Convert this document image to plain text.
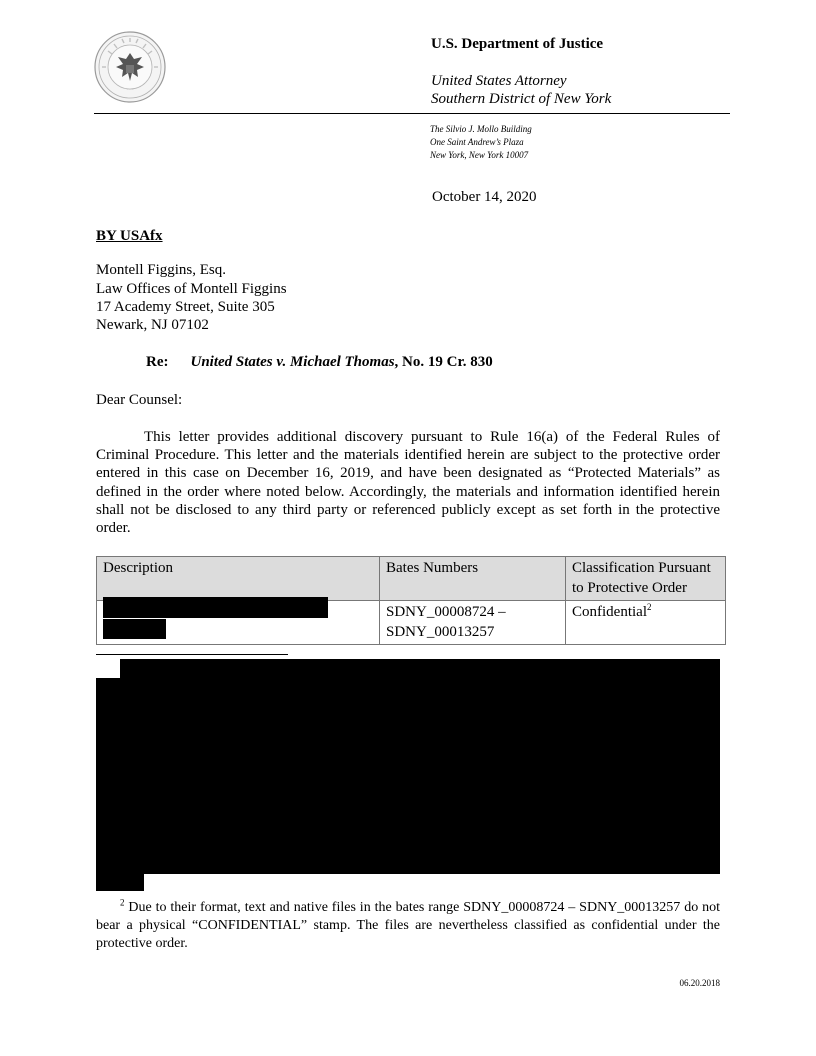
· · ·
U.S. Department of Justice
United States Attorney
Southern District of New York
The Silvio J. Mollo Building
One Saint Andrew’s Plaza
New York, New York 10007
October 14, 2020
BY USAfx
Montell Figgins, Esq.
Law Offices of Montell Figgins
17 Academy Street, Suite 305
Newark, NJ 07102
Re: United States v. Michael Thomas, No. 19 Cr. 830
Dear Counsel:

This letter provides additional discovery pursuant to Rule 16(a) of the Federal Rules of Criminal Procedure. This letter and the materials identified herein are subject to the protective order entered in this case on December 16, 2019, and have been designated as “Protected Materials” as defined in the order where noted below. Accordingly, the materials and information identified herein shall not be disclosed to any third party or referenced publicly except as set forth in the protective order.

Description	Bates Numbers	Classification Pursuant to Protective Order

	SDNY_00008724 –
SDNY_00013257	Confidential$^2$

$^2$ Due to their format, text and native files in the bates range SDNY_00008724 – SDNY_00013257 do not bear a physical “CONFIDENTIAL” stamp. The files are nevertheless classified as confidential under the protective order.

06.20.2018
